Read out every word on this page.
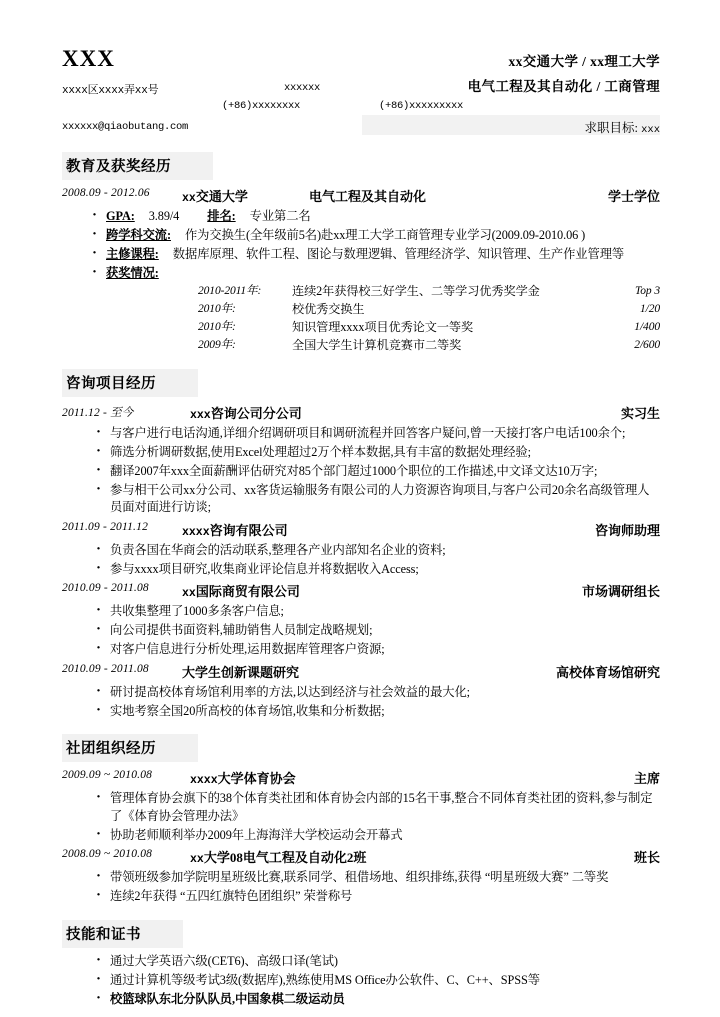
XXX	xx交通大学 / xx理工大学
电气工程及其自动化 / 工商管理
xxxx区xxxx弄xx号	xxxxxx
(+86)xxxxxxxx	(+86)xxxxxxxxx
xxxxxx@qiaobutang.com	求职目标: xxx
教育及获奖经历
2008.09 - 2012.06	xx交通大学	电气工程及其自动化	学士学位
· GPA: 3.89/4 排名: 专业第二名
· 跨学科交流: 作为交换生(全年级前5名)赴xx理工大学工商管理专业学习(2009.09-2010.06 )
· 主修课程: 数据库原理、软件工程、图论与数理逻辑、管理经济学、知识管理、生产作业管理等
· 获奖情况:
2010-2011年:	连续2年获得校三好学生、二等学习优秀奖学金	Top 3
2010年:	校优秀交换生	1/20
2010年:	知识管理xxxx项目优秀论文一等奖	1/400
2009年:	全国大学生计算机竞赛市二等奖	2/600
咨询项目经历
2011.12 - 至今	xxx咨询公司分公司	实习生
· 与客户进行电话沟通,详细介绍调研项目和调研流程并回答客户疑问,曾一天接打客户电话100余个;
· 筛选分析调研数据,使用Excel处理超过2万个样本数据,具有丰富的数据处理经验;
· 翻译2007年xxx全面薪酬评估研究对85个部门超过1000个职位的工作描述,中文译文达10万字;
· 参与相干公司xx分公司、xx客货运输服务有限公司的人力资源咨询项目,与客户公司20余名高级管理人员面对面进行访谈;
2011.09 - 2011.12	xxxx咨询有限公司	咨询师助理
· 负责各国在华商会的活动联系,整理各产业内部知名企业的资料;
· 参与xxxx项目研究,收集商业评论信息并将数据收入Access;
2010.09 - 2011.08	xx国际商贸有限公司	市场调研组长
· 共收集整理了1000多条客户信息;
· 向公司提供书面资料,辅助销售人员制定战略规划;
· 对客户信息进行分析处理,运用数据库管理客户资源;
2010.09 - 2011.08	大学生创新课题研究	高校体育场馆研究
· 研讨提高校体育场馆利用率的方法,以达到经济与社会效益的最大化;
· 实地考察全国20所高校的体育场馆,收集和分析数据;
社团组织经历
2009.09 ~ 2010.08	xxxx大学体育协会	主席
· 管理体育协会旗下的38个体育类社团和体育协会内部的15名干事,整合不同体育类社团的资料,参与制定了《体育协会管理办法》
· 协助老师顺利举办2009年上海海洋大学校运动会开幕式
2008.09 ~ 2010.08	xx大学08电气工程及自动化2班	班长
· 带领班级参加学院明星班级比赛,联系同学、租借场地、组织排练,获得 “明星班级大赛” 二等奖
· 连续2年获得 “五四红旗特色团组织” 荣誉称号
技能和证书
· 通过大学英语六级(CET6)、高级口译(笔试)
· 通过计算机等级考试3级(数据库),熟练使用MS Office办公软件、C、C++、SPSS等
· 校篮球队东北分队队员,中国象棋二级运动员
